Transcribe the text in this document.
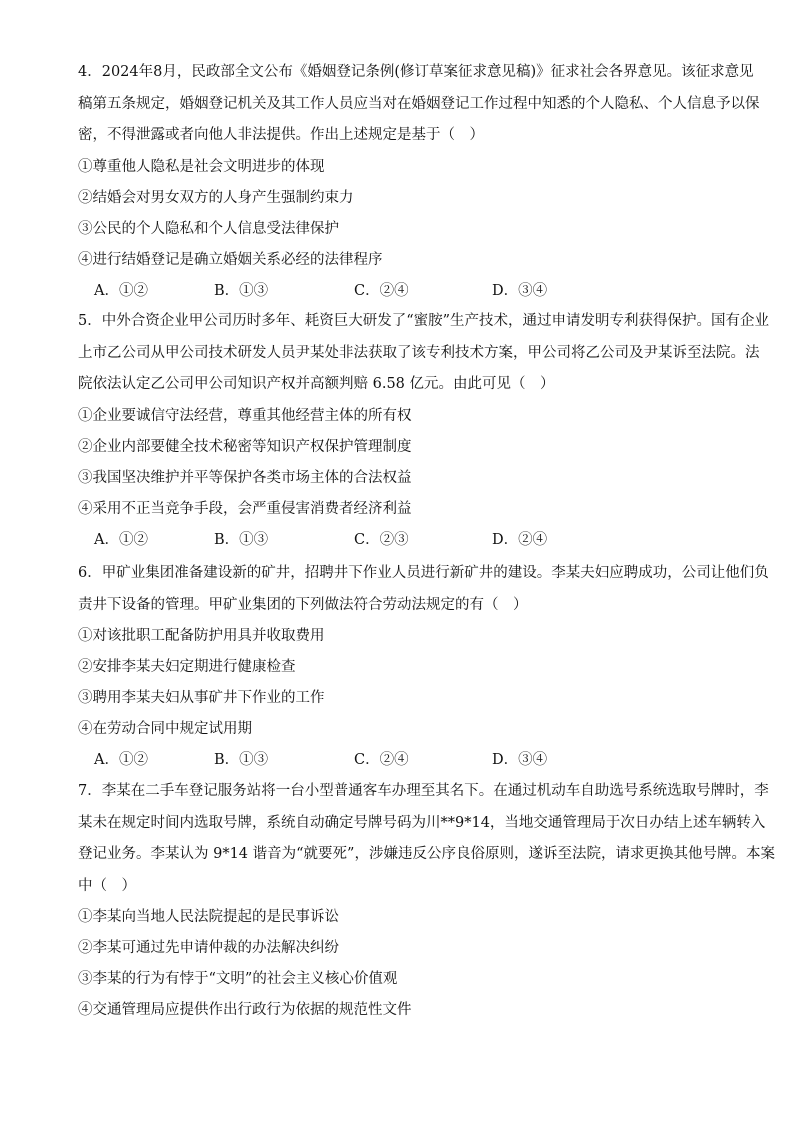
4．2024年8月，民政部全文公布《婚姻登记条例(修订草案征求意见稿)》征求社会各界意见。该征求意见
稿第五条规定，婚姻登记机关及其工作人员应当对在婚姻登记工作过程中知悉的个人隐私、个人信息予以保
密，不得泄露或者向他人非法提供。作出上述规定是基于（　）
①尊重他人隐私是社会文明进步的体现
②结婚会对男女双方的人身产生强制约束力
③公民的个人隐私和个人信息受法律保护
④进行结婚登记是确立婚姻关系必经的法律程序
A．①②	B．①③	C．②④	D．③④
5．中外合资企业甲公司历时多年、耗资巨大研发了“蜜胺”生产技术，通过申请发明专利获得保护。国有企业
上市乙公司从甲公司技术研发人员尹某处非法获取了该专利技术方案，甲公司将乙公司及尹某诉至法院。法
院依法认定乙公司甲公司知识产权并高额判赔 6.58 亿元。由此可见（　）
①企业要诚信守法经营，尊重其他经营主体的所有权
②企业内部要健全技术秘密等知识产权保护管理制度
③我国坚决维护并平等保护各类市场主体的合法权益
④采用不正当竞争手段，会严重侵害消费者经济利益
A．①②	B．①③	C．②③	D．②④
6．甲矿业集团准备建设新的矿井，招聘井下作业人员进行新矿井的建设。李某夫妇应聘成功，公司让他们负
责井下设备的管理。甲矿业集团的下列做法符合劳动法规定的有（　）
①对该批职工配备防护用具并收取费用
②安排李某夫妇定期进行健康检查
③聘用李某夫妇从事矿井下作业的工作
④在劳动合同中规定试用期
A．①②	B．①③	C．②④	D．③④
7．李某在二手车登记服务站将一台小型普通客车办理至其名下。在通过机动车自助选号系统选取号牌时，李
某未在规定时间内选取号牌，系统自动确定号牌号码为川**9*14，当地交通管理局于次日办结上述车辆转入
登记业务。李某认为 9*14 谐音为“就要死”，涉嫌违反公序良俗原则，遂诉至法院，请求更换其他号牌。本案
中（　）
①李某向当地人民法院提起的是民事诉讼
②李某可通过先申请仲裁的办法解决纠纷
③李某的行为有悖于“文明”的社会主义核心价值观
④交通管理局应提供作出行政行为依据的规范性文件
